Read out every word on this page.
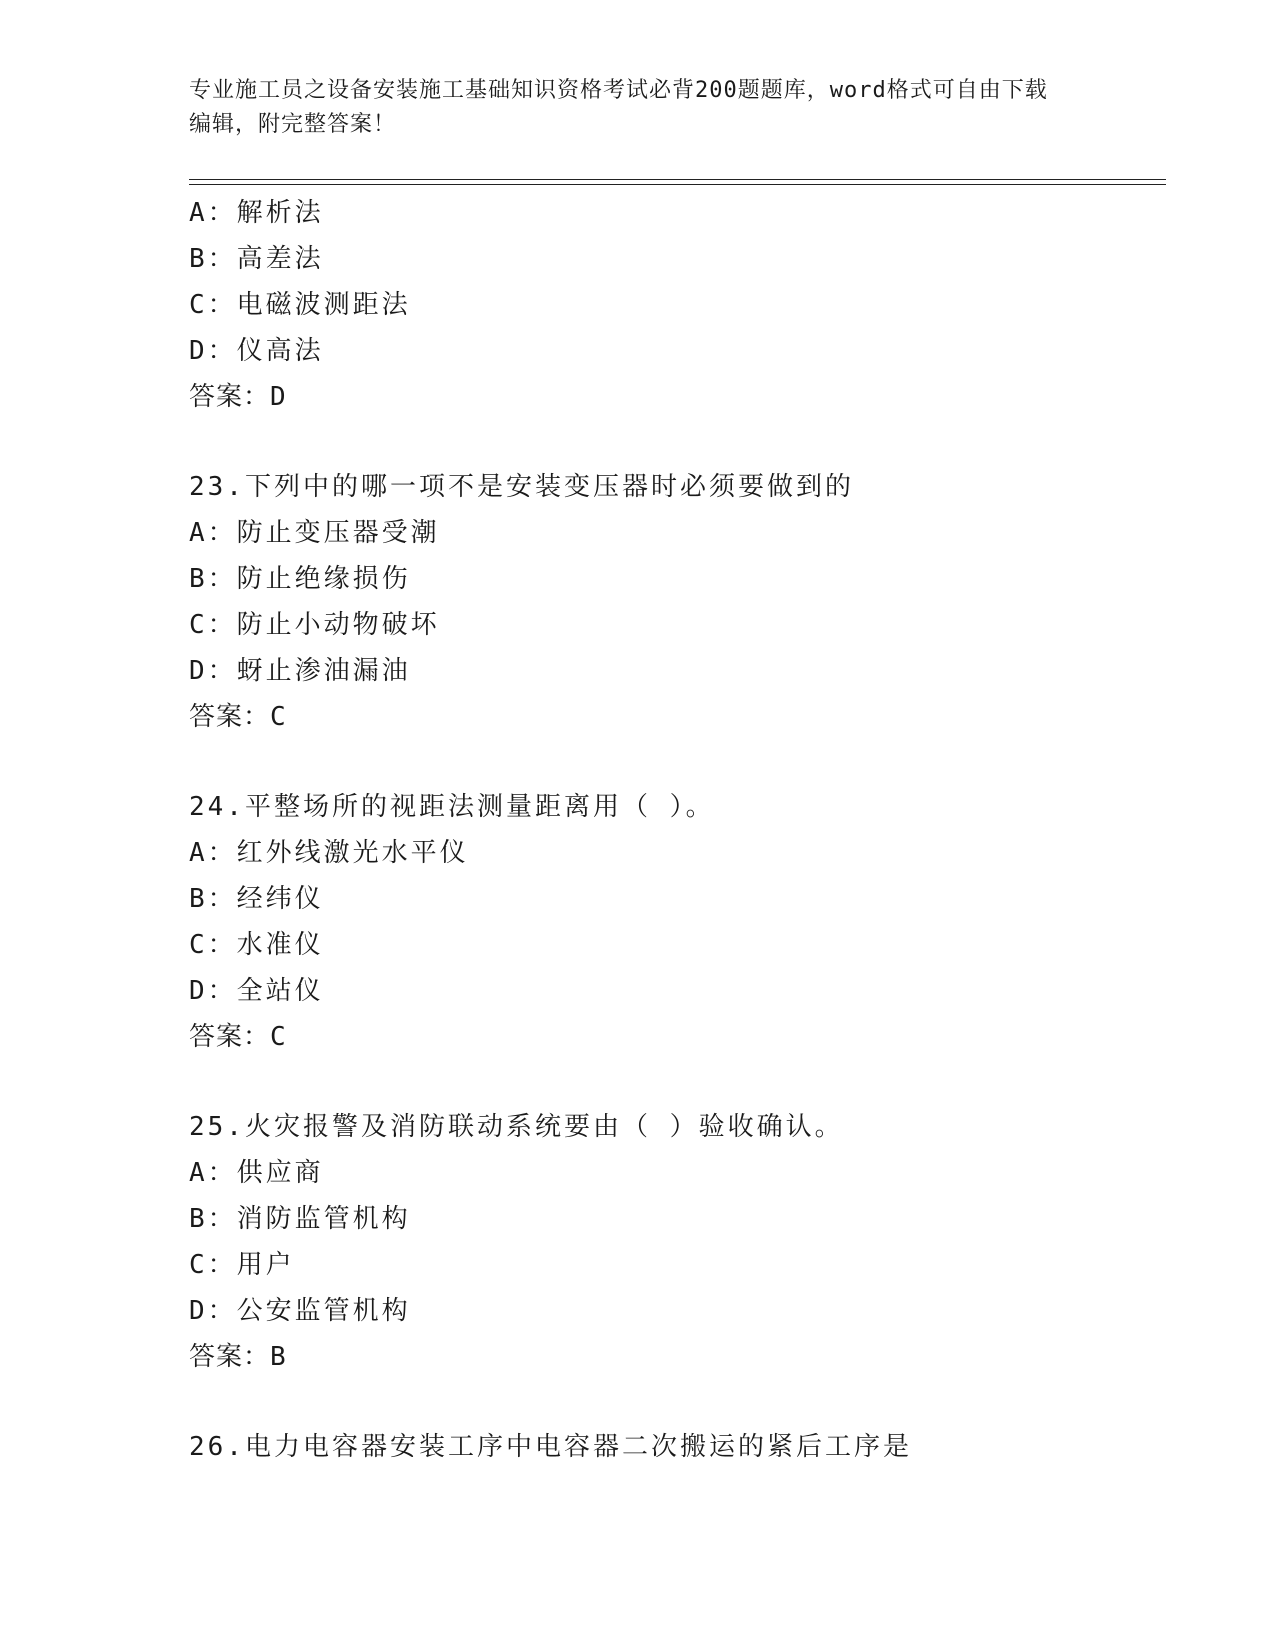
专业施工员之设备安装施工基础知识资格考试必背200题题库，word格式可自由下载编辑，附完整答案！
A：解析法
B：高差法
C：电磁波测距法
D：仪高法
答案：D
23.下列中的哪一项不是安装变压器时必须要做到的
A：防止变压器受潮
B：防止绝缘损伤
C：防止小动物破坏
D：蚜止渗油漏油
答案：C
24.平整场所的视距法测量距离用（ ）。
A：红外线激光水平仪
B：经纬仪
C：水准仪
D：全站仪
答案：C
25.火灾报警及消防联动系统要由（ ）验收确认。
A：供应商
B：消防监管机构
C：用户
D：公安监管机构
答案：B
26.电力电容器安装工序中电容器二次搬运的紧后工序是
